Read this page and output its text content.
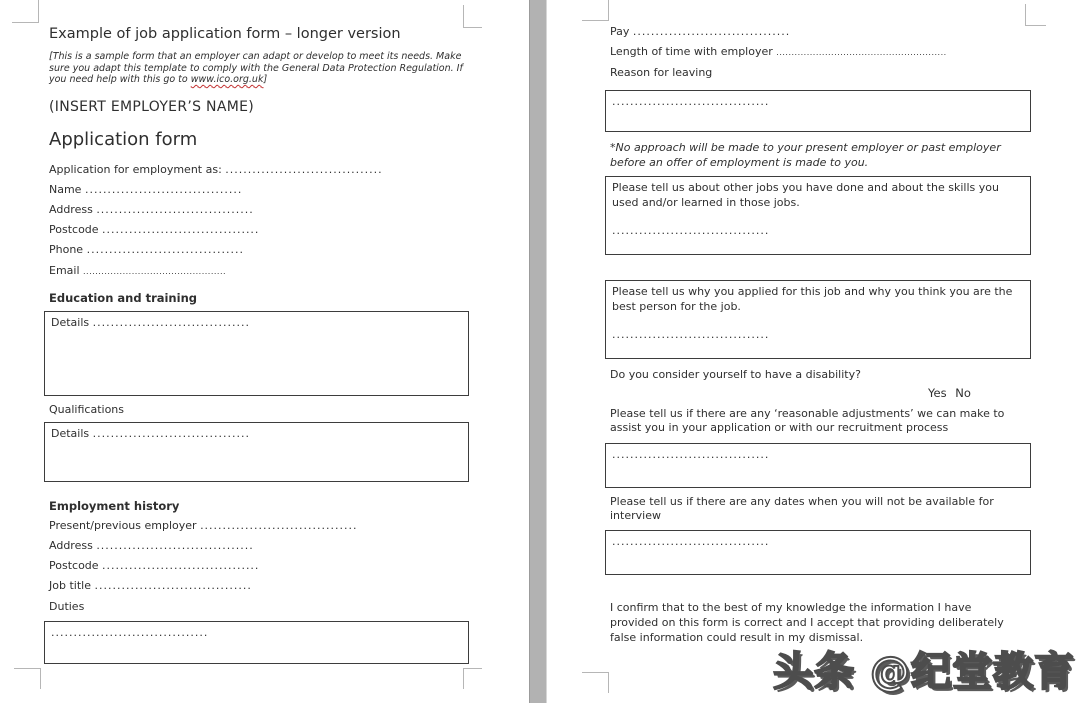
Example of job application form – longer version
[This is a sample form that an employer can adapt or develop to meet its needs. Make sure you adapt this template to comply with the General Data Protection Regulation. If you need help with this go to www.ico.org.uk]
(INSERT EMPLOYER’S NAME)
Application form
Application for employment as: ...................................
Name ...................................
Address ...................................
Postcode ...................................
Phone ...................................
Email ...............................................
Education and training
Details ...................................
Qualifications
Details ...................................
Employment history
Present/previous employer ...................................
Address ...................................
Postcode ...................................
Job title ...................................
Duties
...................................
Pay ...................................
Length of time with employer ........................................................
Reason for leaving
...................................
*No approach will be made to your present employer or past employer before an offer of employment is made to you.
Please tell us about other jobs you have done and about the skills you used and/or learned in those jobs.
...................................
Please tell us why you applied for this job and why you think you are the best person for the job.
...................................
Do you consider yourself to have a disability?
Yes No
Please tell us if there are any ‘reasonable adjustments’ we can make to assist you in your application or with our recruitment process
...................................
Please tell us if there are any dates when you will not be available for interview
...................................
I confirm that to the best of my knowledge the information I have provided on this form is correct and I accept that providing deliberately false information could result in my dismissal.
头条 @纪堂教育
